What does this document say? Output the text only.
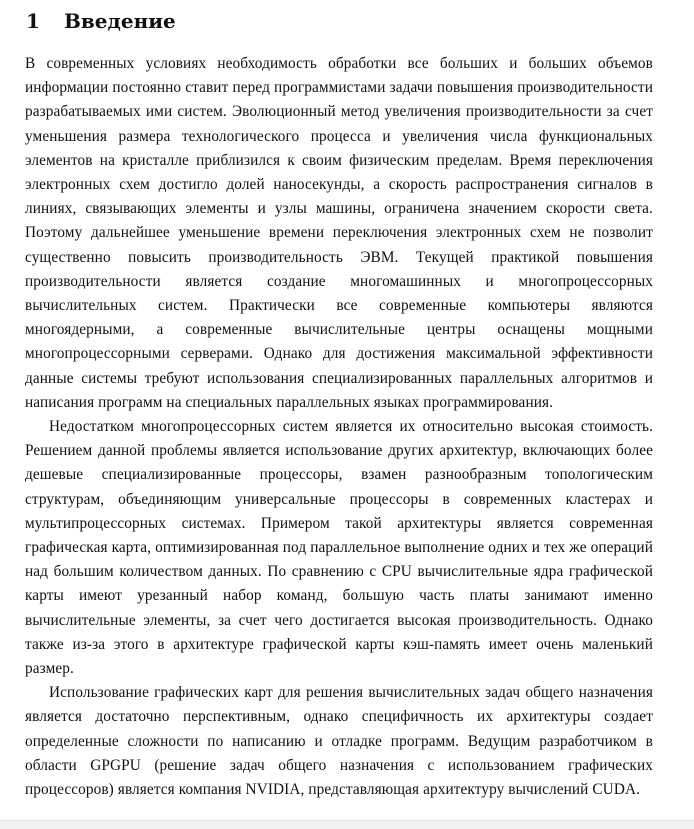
1	Введение

В современных условиях необходимость обработки все больших и больших объемов информации постоянно ставит перед программистами задачи повышения производительности разрабатываемых ими систем. Эволюционный метод увеличения производительности за счет уменьшения размера технологического процесса и увеличения числа функциональных элементов на кристалле приблизился к своим физическим пределам. Время переключения электронных схем достигло долей наносекунды, а скорость распространения сигналов в линиях, связывающих элементы и узлы машины, ограничена значением скорости света. Поэтому дальнейшее уменьшение времени переключения электронных схем не позволит существенно повысить производительность ЭВМ. Текущей практикой повышения производительности является создание многомашинных и многопроцессорных вычислительных систем. Практически все современные компьютеры являются многоядерными, а современные вычислительные центры оснащены мощными многопроцессорными серверами. Однако для достижения максимальной эффективности данные системы требуют использования специализированных параллельных алгоритмов и написания программ на специальных параллельных языках программирования.

Недостатком многопроцессорных систем является их относительно высокая стоимость. Решением данной проблемы является использование других архитектур, включающих более дешевые специализированные процессоры, взамен разнообразным топологическим структурам, объединяющим универсальные процессоры в современных кластерах и мультипроцессорных системах. Примером такой архитектуры является современная графическая карта, оптимизированная под параллельное выполнение одних и тех же операций над большим количеством данных. По сравнению с CPU вычислительные ядра графической карты имеют урезанный набор команд, большую часть платы занимают именно вычислительные элементы, за счет чего достигается высокая производительность. Однако также из-за этого в архитектуре графической карты кэш-память имеет очень маленький размер.

Использование графических карт для решения вычислительных задач общего назначения является достаточно перспективным, однако специфичность их архитектуры создает определенные сложности по написанию и отладке программ. Ведущим разработчиком в области GPGPU (решение задач общего назначения с использованием графических процессоров) является компания NVIDIA, представляющая архитектуру вычислений CUDA.
